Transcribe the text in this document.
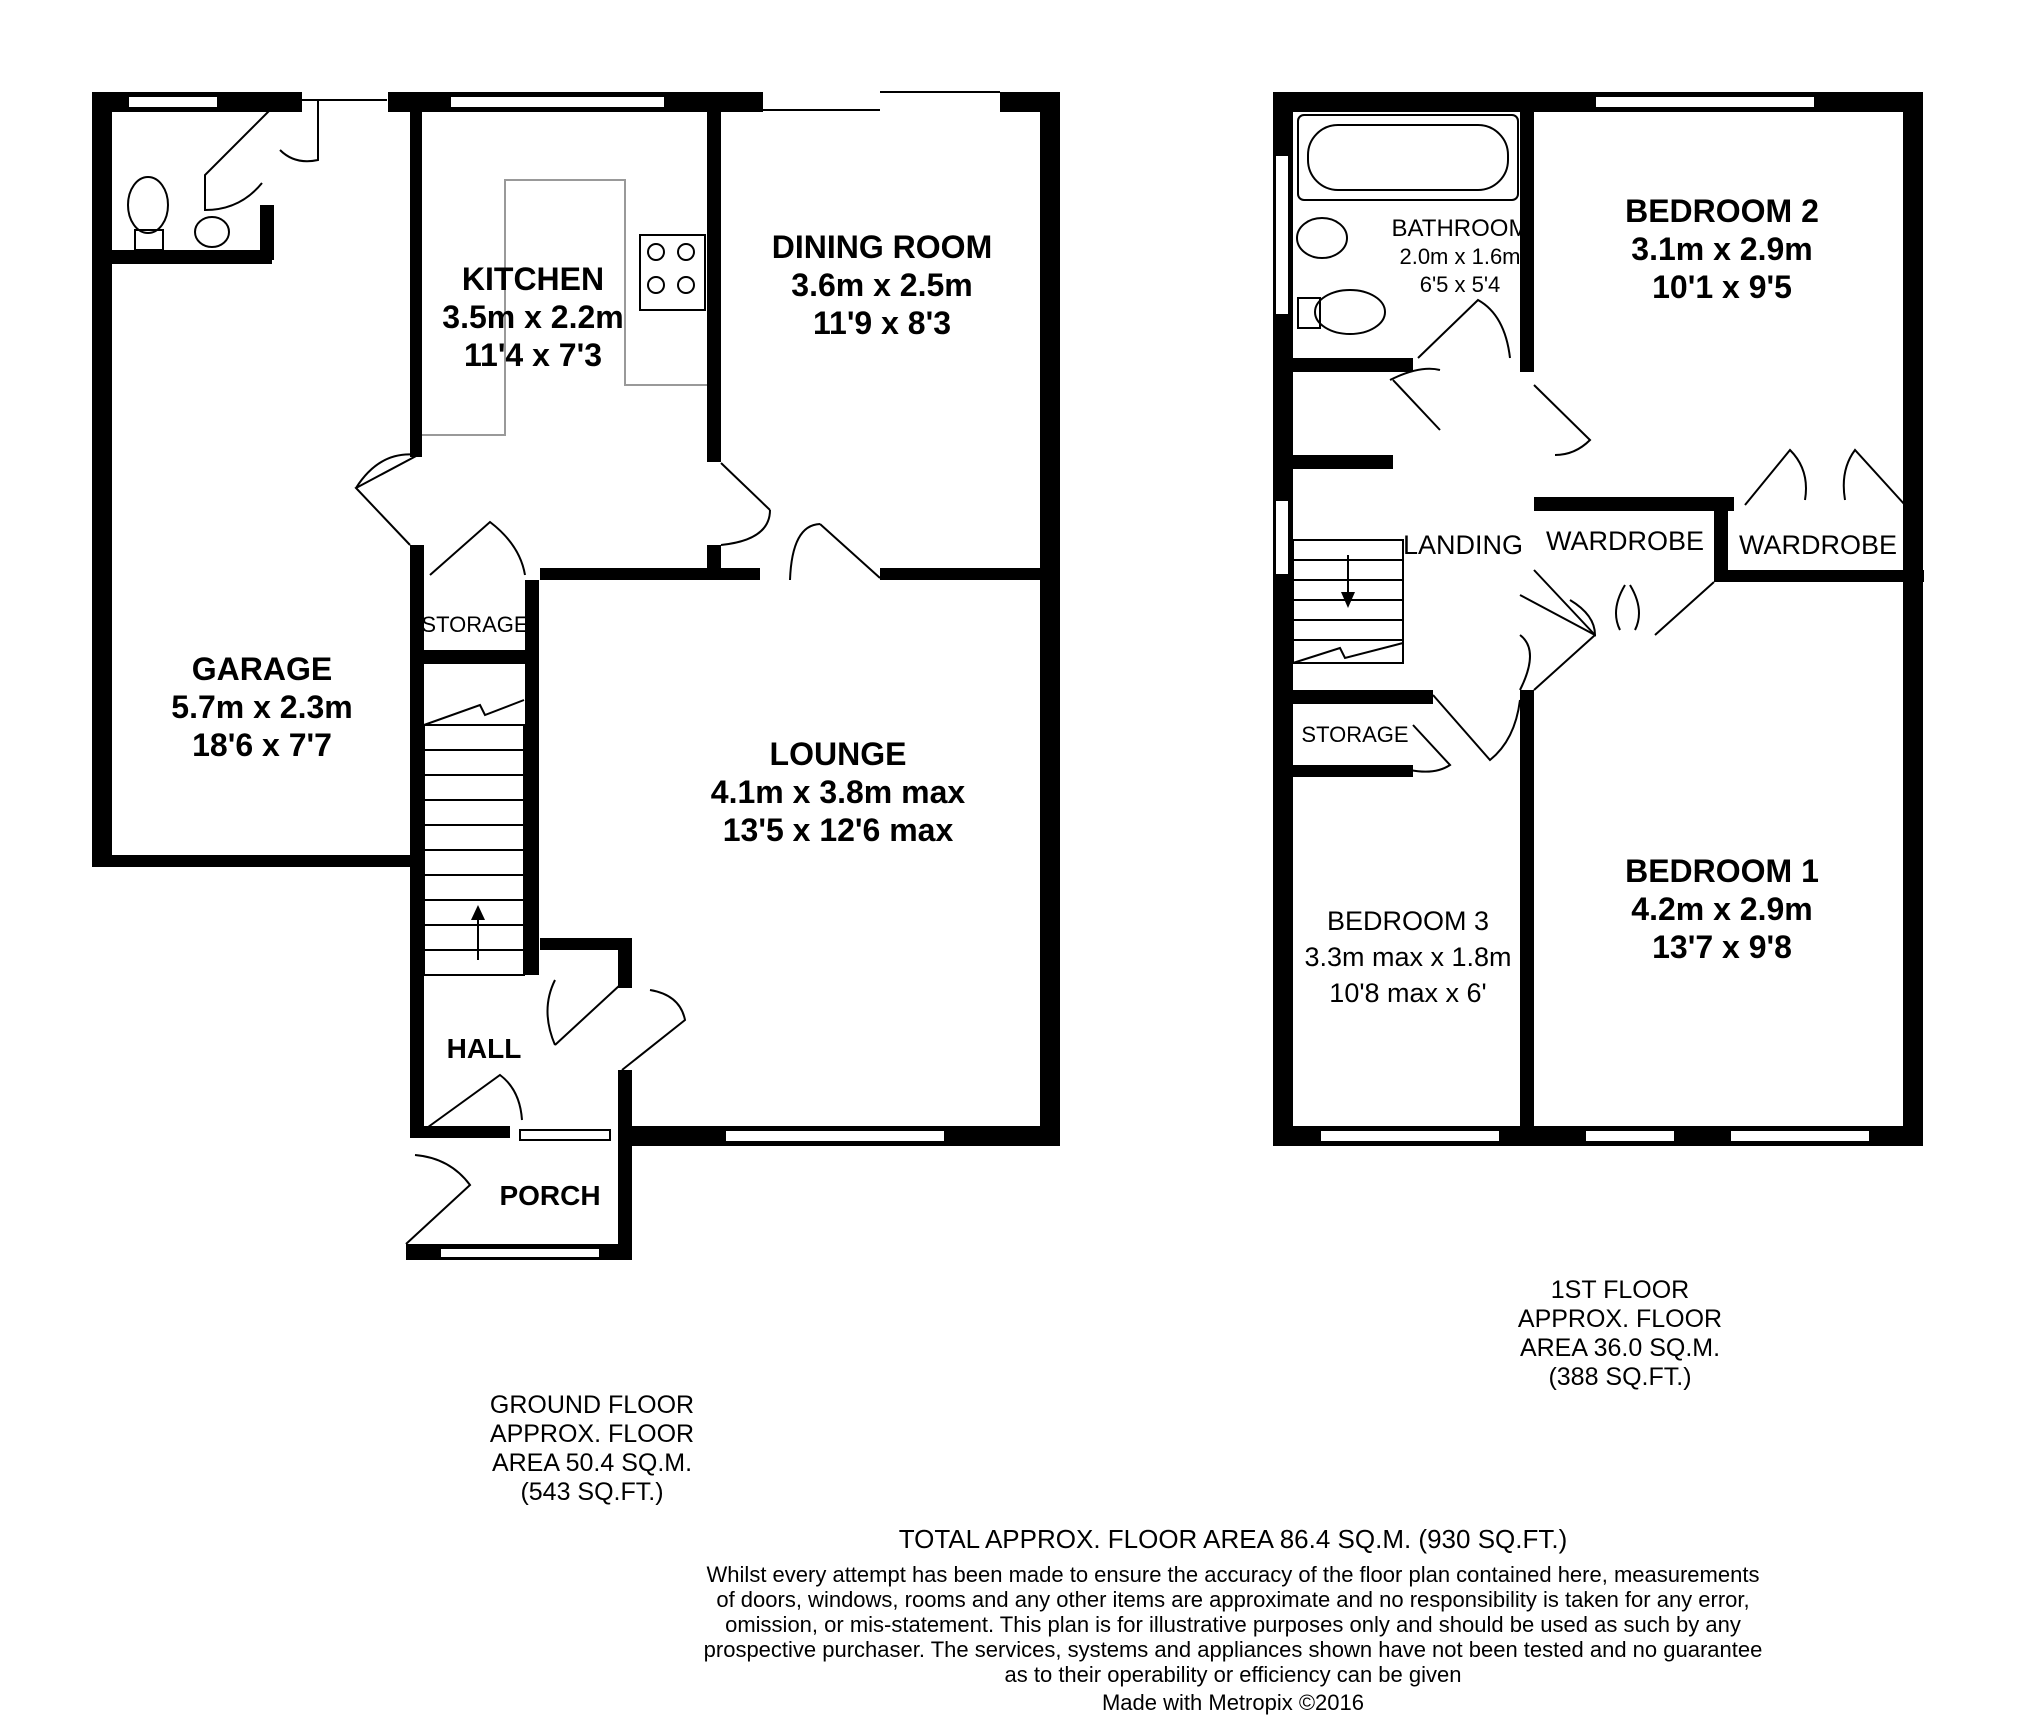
GARAGE
5.7m x 2.3m
18'6 x 7'7
KITCHEN
3.5m x 2.2m
11'4 x 7'3
DINING ROOM
3.6m x 2.5m
11'9 x 8'3
LOUNGE
4.1m x 3.8m max
13'5 x 12'6 max
STORAGE
HALL
PORCH
BATHROOM
2.0m x 1.6m
6'5 x 5'4
BEDROOM 2
3.1m x 2.9m
10'1 x 9'5
LANDING WARDROBE WARDROBE
STORAGE
BEDROOM 3
3.3m max x 1.8m
10'8 max x 6'
BEDROOM 1
4.2m x 2.9m
13'7 x 9'8
GROUND FLOOR
APPROX. FLOOR
AREA 50.4 SQ.M.
(543 SQ.FT.)
1ST FLOOR
APPROX. FLOOR
AREA 36.0 SQ.M.
(388 SQ.FT.)
TOTAL APPROX. FLOOR AREA 86.4 SQ.M. (930 SQ.FT.)
Whilst every attempt has been made to ensure the accuracy of the floor plan contained here, measurements
of doors, windows, rooms and any other items are approximate and no responsibility is taken for any error,
omission, or mis-statement. This plan is for illustrative purposes only and should be used as such by any
prospective purchaser. The services, systems and appliances shown have not been tested and no guarantee
as to their operability or efficiency can be given
Made with Metropix ©2016
